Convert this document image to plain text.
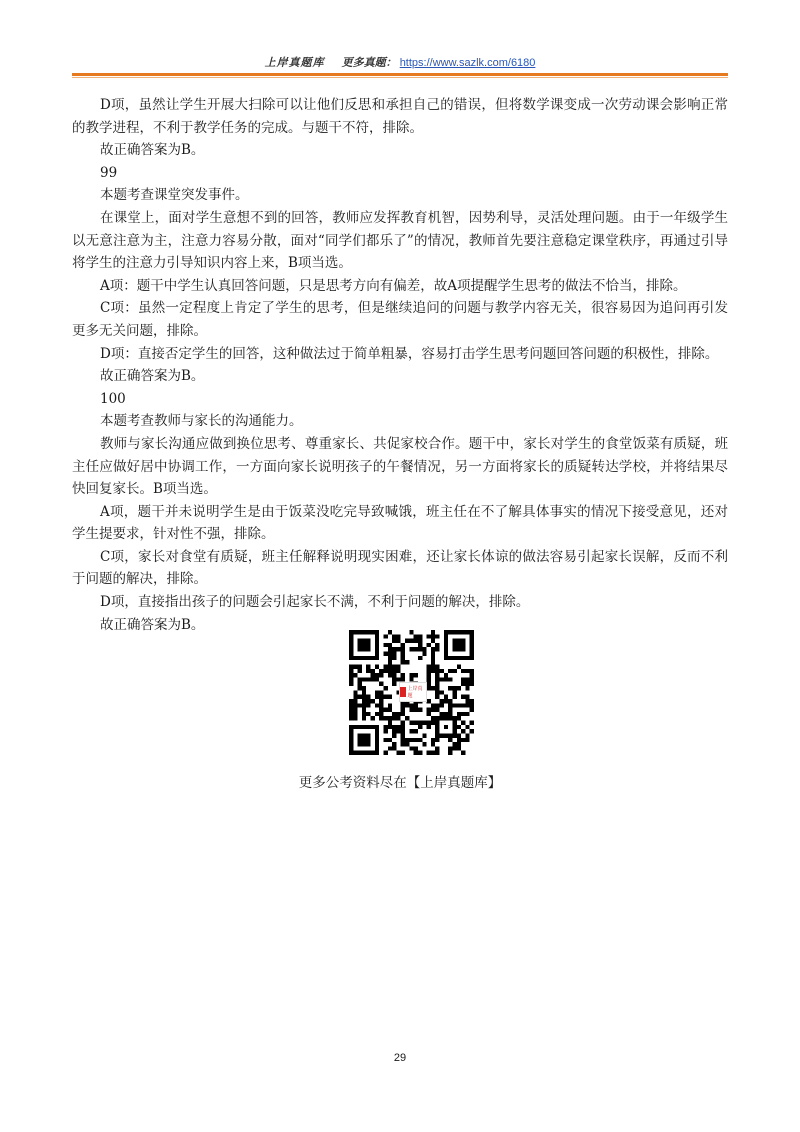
上岸真题库 更多真题： https://www.sazlk.com/6180

D项，虽然让学生开展大扫除可以让他们反思和承担自己的错误，但将数学课变成一次劳动课会影响正常的教学进程，不利于教学任务的完成。与题干不符，排除。

故正确答案为B。

99

本题考查课堂突发事件。

在课堂上，面对学生意想不到的回答，教师应发挥教育机智，因势利导，灵活处理问题。由于一年级学生以无意注意为主，注意力容易分散，面对“同学们都乐了”的情况，教师首先要注意稳定课堂秩序，再通过引导将学生的注意力引导知识内容上来，B项当选。

A项：题干中学生认真回答问题，只是思考方向有偏差，故A项提醒学生思考的做法不恰当，排除。

C项：虽然一定程度上肯定了学生的思考，但是继续追问的问题与教学内容无关，很容易因为追问再引发更多无关问题，排除。

D项：直接否定学生的回答，这种做法过于简单粗暴，容易打击学生思考问题回答问题的积极性，排除。

故正确答案为B。

100

本题考查教师与家长的沟通能力。

教师与家长沟通应做到换位思考、尊重家长、共促家校合作。题干中，家长对学生的食堂饭菜有质疑，班主任应做好居中协调工作，一方面向家长说明孩子的午餐情况，另一方面将家长的质疑转达学校，并将结果尽快回复家长。B项当选。

A项，题干并未说明学生是由于饭菜没吃完导致喊饿，班主任在不了解具体事实的情况下接受意见，还对学生提要求，针对性不强，排除。

C项，家长对食堂有质疑，班主任解释说明现实困难，还让家长体谅的做法容易引起家长误解，反而不利于问题的解决，排除。

D项，直接指出孩子的问题会引起家长不满，不利于问题的解决，排除。

故正确答案为B。

上岸真题
更多公考资料尽在【上岸真题库】
29
